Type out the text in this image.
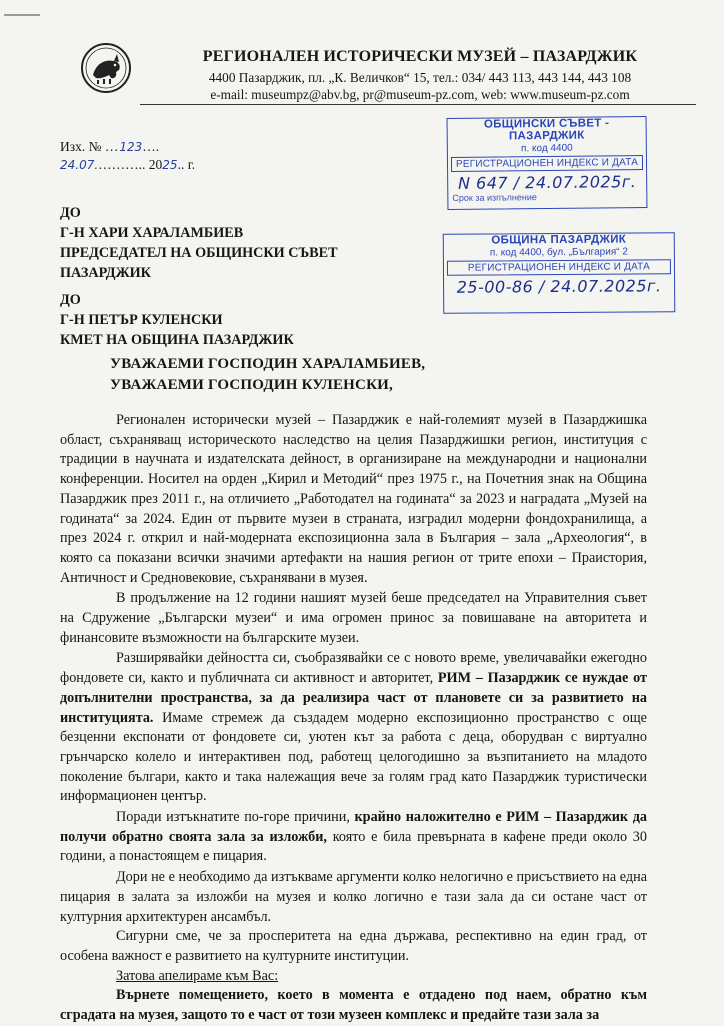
РЕГИОНАЛЕН ИСТОРИЧЕСКИ МУЗЕЙ – ПАЗАРДЖИК
4400 Пазарджик, пл. „К. Величков“ 15, тел.: 034/ 443 113, 443 144, 443 108
e-mail: museumpz@abv.bg, pr@museum-pz.com, web: www.museum-pz.com
Изх. № …123….
24.07.……….. 2025.. г.
ОБЩИНСКИ СЪВЕТ - ПАЗАРДЖИК
п. код 4400
РЕГИСТРАЦИОНЕН ИНДЕКС И ДАТА
N 647 / 24.07.2025г.
Срок за изпълнение
ОБЩИНА ПАЗАРДЖИК
п. код 4400, бул. „България“ 2
РЕГИСТРАЦИОНЕН ИНДЕКС И ДАТА
25-00-86 / 24.07.2025г.
ДО
Г-Н ХАРИ ХАРАЛАМБИЕВ
ПРЕДСЕДАТЕЛ НА ОБЩИНСКИ СЪВЕТ
ПАЗАРДЖИК
ДО
Г-Н ПЕТЪР КУЛЕНСКИ
КМЕТ НА ОБЩИНА ПАЗАРДЖИК
УВАЖАЕМИ ГОСПОДИН ХАРАЛАМБИЕВ,
УВАЖАЕМИ ГОСПОДИН КУЛЕНСКИ,

Регионален исторически музей – Пазарджик е най-големият музей в Пазарджишка област, съхраняващ историческото наследство на целия Пазарджишки регион, институция с традиции в научната и издателската дейност, в организиране на международни и национални конференции. Носител на орден „Кирил и Методий“ през 1975 г., на Почетния знак на Община Пазарджик през 2011 г., на отличието „Работодател на годината“ за 2023 и наградата „Музей на годината“ за 2024. Един от първите музеи в страната, изградил модерни фондохранилища, а през 2024 г. открил и най-модерната експозиционна зала в България – зала „Археология“, в която са показани всички значими артефакти на нашия регион от трите епохи – Праистория, Античност и Средновековие, съхранявани в музея.

В продължение на 12 години нашият музей беше председател на Управителния съвет на Сдружение „Български музеи“ и има огромен принос за повишаване на авторитета и финансовите възможности на българските музеи.

Разширявайки дейността си, съобразявайки се с новото време, увеличавайки ежегодно фондовете си, както и публичната си активност и авторитет, РИМ – Пазарджик се нуждае от допълнителни пространства, за да реализира част от плановете си за развитието на институцията. Имаме стремеж да създадем модерно експозиционно пространство с още безценни експонати от фондовете си, уютен кът за работа с деца, оборудван с виртуално грънчарско колело и интерактивен под, работещ целогодишно за възпитанието на младото поколение българи, както и така належащия вече за голям град като Пазарджик туристически информационен център.

Поради изтъкнатите по-горе причини, крайно наложително е РИМ – Пазарджик да получи обратно своята зала за изложби, която е била превърната в кафене преди около 30 години, а понастоящем е пицария.

Дори не е необходимо да изтъкваме аргументи колко нелогично е присъствието на една пицария в залата за изложби на музея и колко логично е тази зала да си остане част от културния архитектурен ансамбъл.

Сигурни сме, че за просперитета на една държава, респективно на един град, от особена важност е развитието на културните институции.

Затова апелираме към Вас:

Върнете помещението, което в момента е отдадено под наем, обратно към сградата на музея, защото то е част от този музеен комплекс и предайте тази зала за
